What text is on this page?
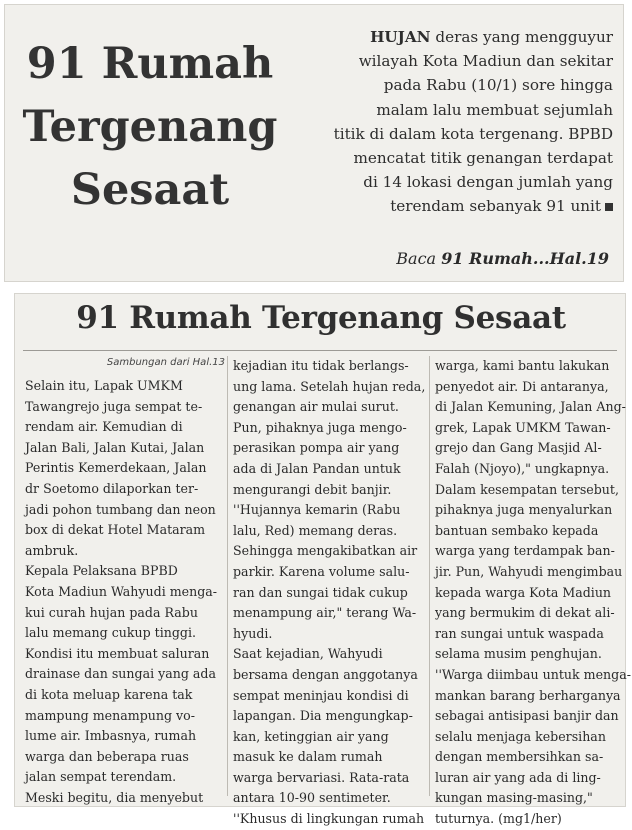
91 Rumah
Tergenang
Sesaat
HUJAN deras yang mengguyur
wilayah Kota Madiun dan sekitar
pada Rabu (10/1) sore hingga
malam lalu membuat sejumlah
titik di dalam kota tergenang. BPBD
mencatat titik genangan terdapat
di 14 lokasi dengan jumlah yang
terendam sebanyak 91 unit
Baca 91 Rumah...Hal.19
91 Rumah Tergenang Sesaat
Sambungan dari Hal.13
Selain itu, Lapak UMKM
Tawangrejo juga sempat te-
rendam air. Kemudian di
Jalan Bali, Jalan Kutai, Jalan
Perintis Kemerdekaan, Jalan
dr Soetomo dilaporkan ter-
jadi pohon tumbang dan neon
box di dekat Hotel Mataram
ambruk.
Kepala Pelaksana BPBD
Kota Madiun Wahyudi menga-
kui curah hujan pada Rabu
lalu memang cukup tinggi.
Kondisi itu membuat saluran
drainase dan sungai yang ada
di kota meluap karena tak
mampung menampung vo-
lume air. Imbasnya, rumah
warga dan beberapa ruas
jalan sempat terendam.
Meski begitu, dia menyebut
kejadian itu tidak berlangs-
ung lama. Setelah hujan reda,
genangan air mulai surut.
Pun, pihaknya juga mengo-
perasikan pompa air yang
ada di Jalan Pandan untuk
mengurangi debit banjir.
''Hujannya kemarin (Rabu
lalu, Red) memang deras.
Sehingga mengakibatkan air
parkir. Karena volume salu-
ran dan sungai tidak cukup
menampung air," terang Wa-
hyudi.
Saat kejadian, Wahyudi
bersama dengan anggotanya
sempat meninjau kondisi di
lapangan. Dia mengungkap-
kan, ketinggian air yang
masuk ke dalam rumah
warga bervariasi. Rata-rata
antara 10-90 sentimeter.
''Khusus di lingkungan rumah
warga, kami bantu lakukan
penyedot air. Di antaranya,
di Jalan Kemuning, Jalan Ang-
grek, Lapak UMKM Tawan-
grejo dan Gang Masjid Al-
Falah (Njoyo)," ungkapnya.
Dalam kesempatan tersebut,
pihaknya juga menyalurkan
bantuan sembako kepada
warga yang terdampak ban-
jir. Pun, Wahyudi mengimbau
kepada warga Kota Madiun
yang bermukim di dekat ali-
ran sungai untuk waspada
selama musim penghujan.
''Warga diimbau untuk menga-
mankan barang berharganya
sebagai antisipasi banjir dan
selalu menjaga kebersihan
dengan membersihkan sa-
luran air yang ada di ling-
kungan masing-masing,"
tuturnya. (mg1/her)
